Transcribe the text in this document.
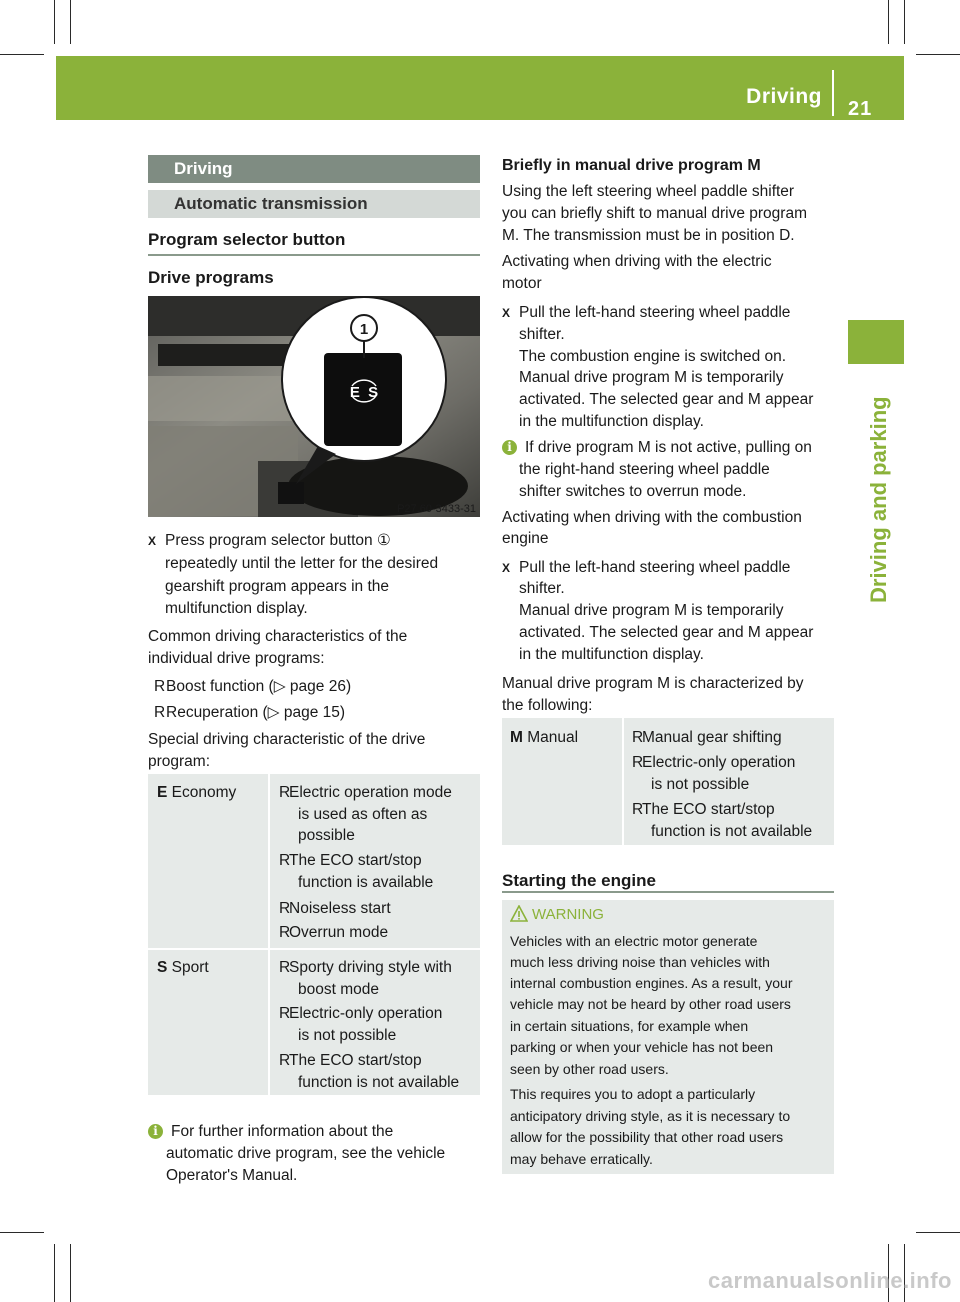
Driving
21
Driving and parking
Driving
Automatic transmission
Program selector button
Drive programs
1
E  S
P27.60-3433-31
X Press program selector button ①
repeatedly until the letter for the desired
gearshift program appears in the
multifunction display.
Common driving characteristics of the
individual drive programs:
R Boost function (▷ page 26)
R Recuperation (▷ page 15)
Special driving characteristic of the drive
program:
E Economy	R
Electric operation mode
is used as often as
possible
R
The ECO start/stop
function is available
R
Noiseless start
R
Overrun mode
S Sport	R
Sporty driving style with
boost mode
R
Electric-only operation
is not possible
R
The ECO start/stop
function is not available
i For further information about the
automatic drive program, see the vehicle
Operator's Manual.
Briefly in manual drive program M
Using the left steering wheel paddle shifter
you can briefly shift to manual drive program
M. The transmission must be in position D.
Activating when driving with the electric
motor
X Pull the left-hand steering wheel paddle
shifter.
The combustion engine is switched on.
Manual drive program M is temporarily
activated. The selected gear and M appear
in the multifunction display.
i If drive program M is not active, pulling on
the right-hand steering wheel paddle
shifter switches to overrun mode.
Activating when driving with the combustion
engine
X Pull the left-hand steering wheel paddle
shifter.
Manual drive program M is temporarily
activated. The selected gear and M appear
in the multifunction display.
Manual drive program M is characterized by
the following:
M Manual	R
Manual gear shifting
R
Electric-only operation
is not possible
R
The ECO start/stop
function is not available
Starting the engine
WARNING
Vehicles with an electric motor generate
much less driving noise than vehicles with
internal combustion engines. As a result, your
vehicle may not be heard by other road users
in certain situations, for example when
parking or when your vehicle has not been
seen by other road users.
This requires you to adopt a particularly
anticipatory driving style, as it is necessary to
allow for the possibility that other road users
may behave erratically.
carmanualsonline.info
